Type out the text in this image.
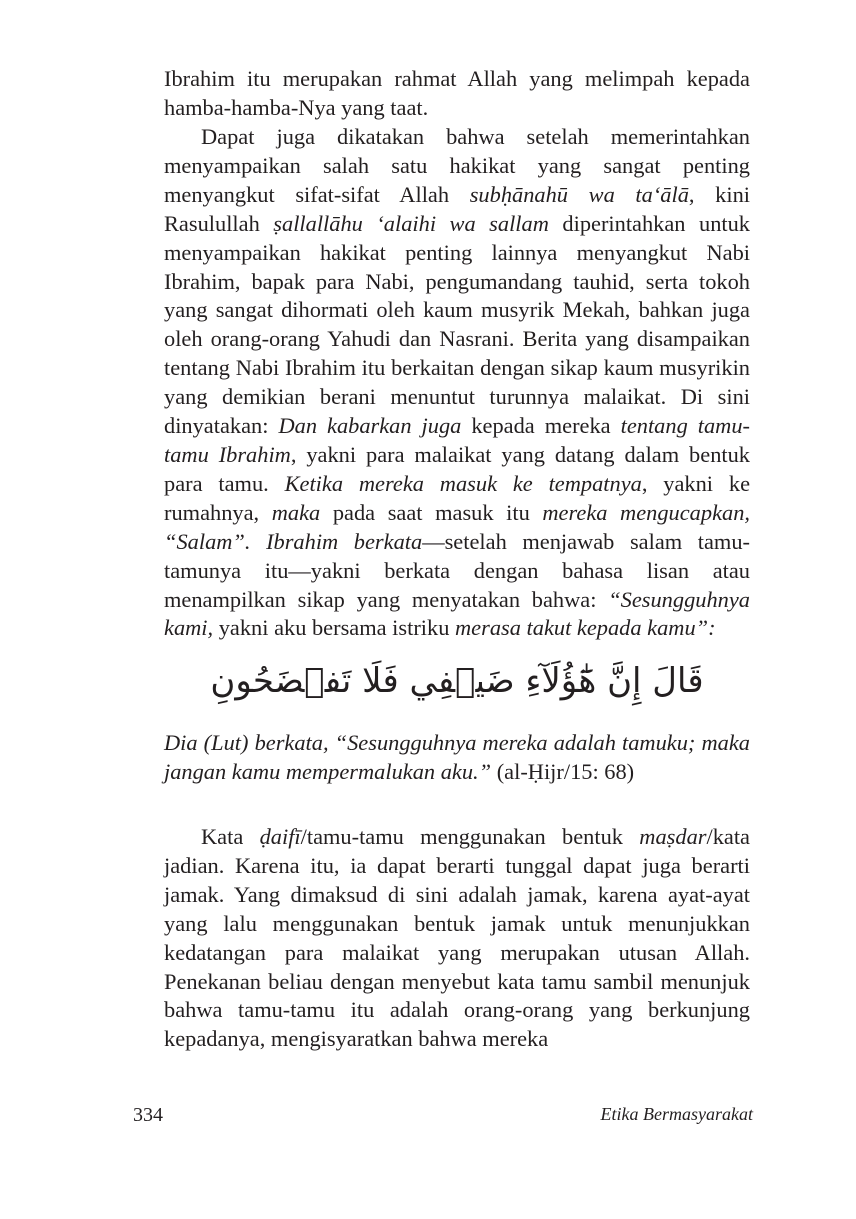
Ibrahim itu merupakan rahmat Allah yang melimpah kepada hamba-hamba-Nya yang taat.

Dapat juga dikatakan bahwa setelah memerintahkan menyampaikan salah satu hakikat yang sangat penting menyangkut sifat-sifat Allah subḥānahū wa ta‘ālā, kini Rasulullah ṣallallāhu ‘alaihi wa sallam diperintahkan untuk menyampaikan hakikat penting lainnya menyangkut Nabi Ibrahim, bapak para Nabi, pengumandang tauhid, serta tokoh yang sangat dihormati oleh kaum musyrik Mekah, bahkan juga oleh orang-orang Yahudi dan Nasrani. Berita yang disampaikan tentang Nabi Ibrahim itu berkaitan dengan sikap kaum musyrikin yang demikian berani menuntut turunnya malaikat. Di sini dinyatakan: Dan kabarkan juga kepada mereka tentang tamu-tamu Ibrahim, yakni para malaikat yang datang dalam bentuk para tamu. Ketika mereka masuk ke tempatnya, yakni ke rumahnya, maka pada saat masuk itu mereka mengucapkan, “Salam”. Ibrahim berkata—setelah menjawab salam tamu-tamunya itu—yakni berkata dengan bahasa lisan atau menampilkan sikap yang menyatakan bahwa: “Sesungguhnya kami, yakni aku bersama istriku merasa takut kepada kamu”:

قَالَ إِنَّ هَٰٓؤُلَآءِ ضَيۡفِي فَلَا تَفۡضَحُونِ

Dia (Lut) berkata, “Sesungguhnya mereka adalah tamuku; maka jangan kamu mempermalukan aku.” (al-Ḥijr/15: 68)

Kata ḍaifī/tamu-tamu menggunakan bentuk maṣdar/kata jadian. Karena itu, ia dapat berarti tunggal dapat juga berarti jamak. Yang dimaksud di sini adalah jamak, karena ayat-ayat yang lalu menggunakan bentuk jamak untuk menunjukkan kedatangan para malaikat yang merupakan utusan Allah. Penekanan beliau dengan menyebut kata tamu sambil menunjuk bahwa tamu-tamu itu adalah orang-orang yang berkunjung kepadanya, mengisyaratkan bahwa mereka

334	Etika Bermasyarakat
